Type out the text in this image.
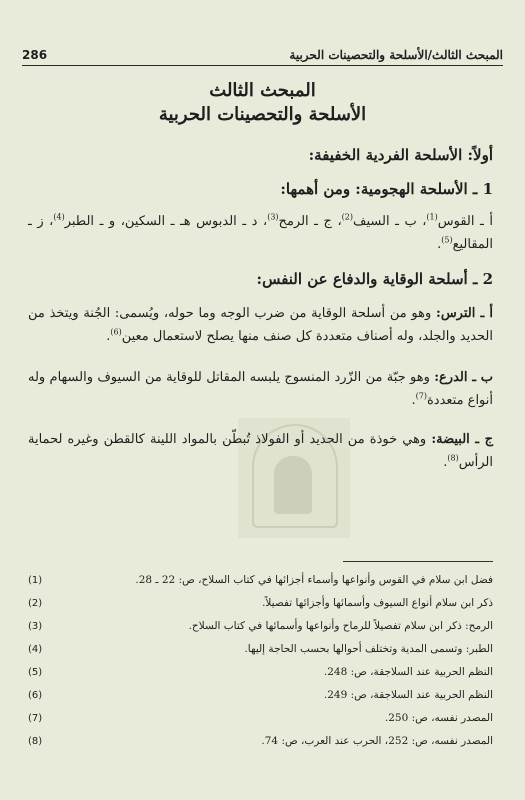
286	المبحث الثالث/الأسلحة والتحصينات الحربية
المبحث الثالث
الأسلحة والتحصينات الحربية
أولاً: الأسلحة الفردية الخفيفة:
1 ـ الأسلحة الهجومية: ومن أهمها:
أ ـ القوس$^{(1)}$، ب ـ السيف$^{(2)}$، ج ـ الرمح$^{(3)}$، د ـ الدبوس هـ ـ السكين، و ـ الطبر$^{(4)}$، ز ـ المقاليع$^{(5)}$.
2 ـ أسلحة الوقاية والدفاع عن النفس:
أ ـ الترس: وهو من أسلحة الوقاية من ضرب الوجه وما حوله، ويُسمى: الجُنة ويتخذ من الحديد والجلد، وله أصناف متعددة كل صنف منها يصلح لاستعمال معين$^{(6)}$.
ب ـ الدرع: وهو جبّة من الزّرد المنسوج يلبسه المقاتل للوقاية من السيوف والسهام وله أنواع متعددة$^{(7)}$.
ج ـ البيضة: وهي خوذة من الحديد أو الفولاذ تُبطّن بالمواد اللينة كالقطن وغيره لحماية الرأس$^{(8)}$.
فضل ابن سلام في القوس وأنواعها وأسماء أجزائها في كتاب السلاح، ص: 22 ـ 28.
(1)
ذكر ابن سلام أنواع السيوف وأسمائها وأجزائها تفصيلاً.
(2)
الرمح: ذكر ابن سلام تفصيلاً للرماح وأنواعها وأسمائها في كتاب السلاح.
(3)
الطبر: وتسمى المدية وتختلف أحوالها بحسب الحاجة إليها.
(4)
النظم الحربية عند السلاجقة، ص: 248.
(5)
النظم الحربية عند السلاجقة، ص: 249.
(6)
المصدر نفسه، ص: 250.
(7)
المصدر نفسه، ص: 252، الحرب عند العرب، ص: 74.
(8)
